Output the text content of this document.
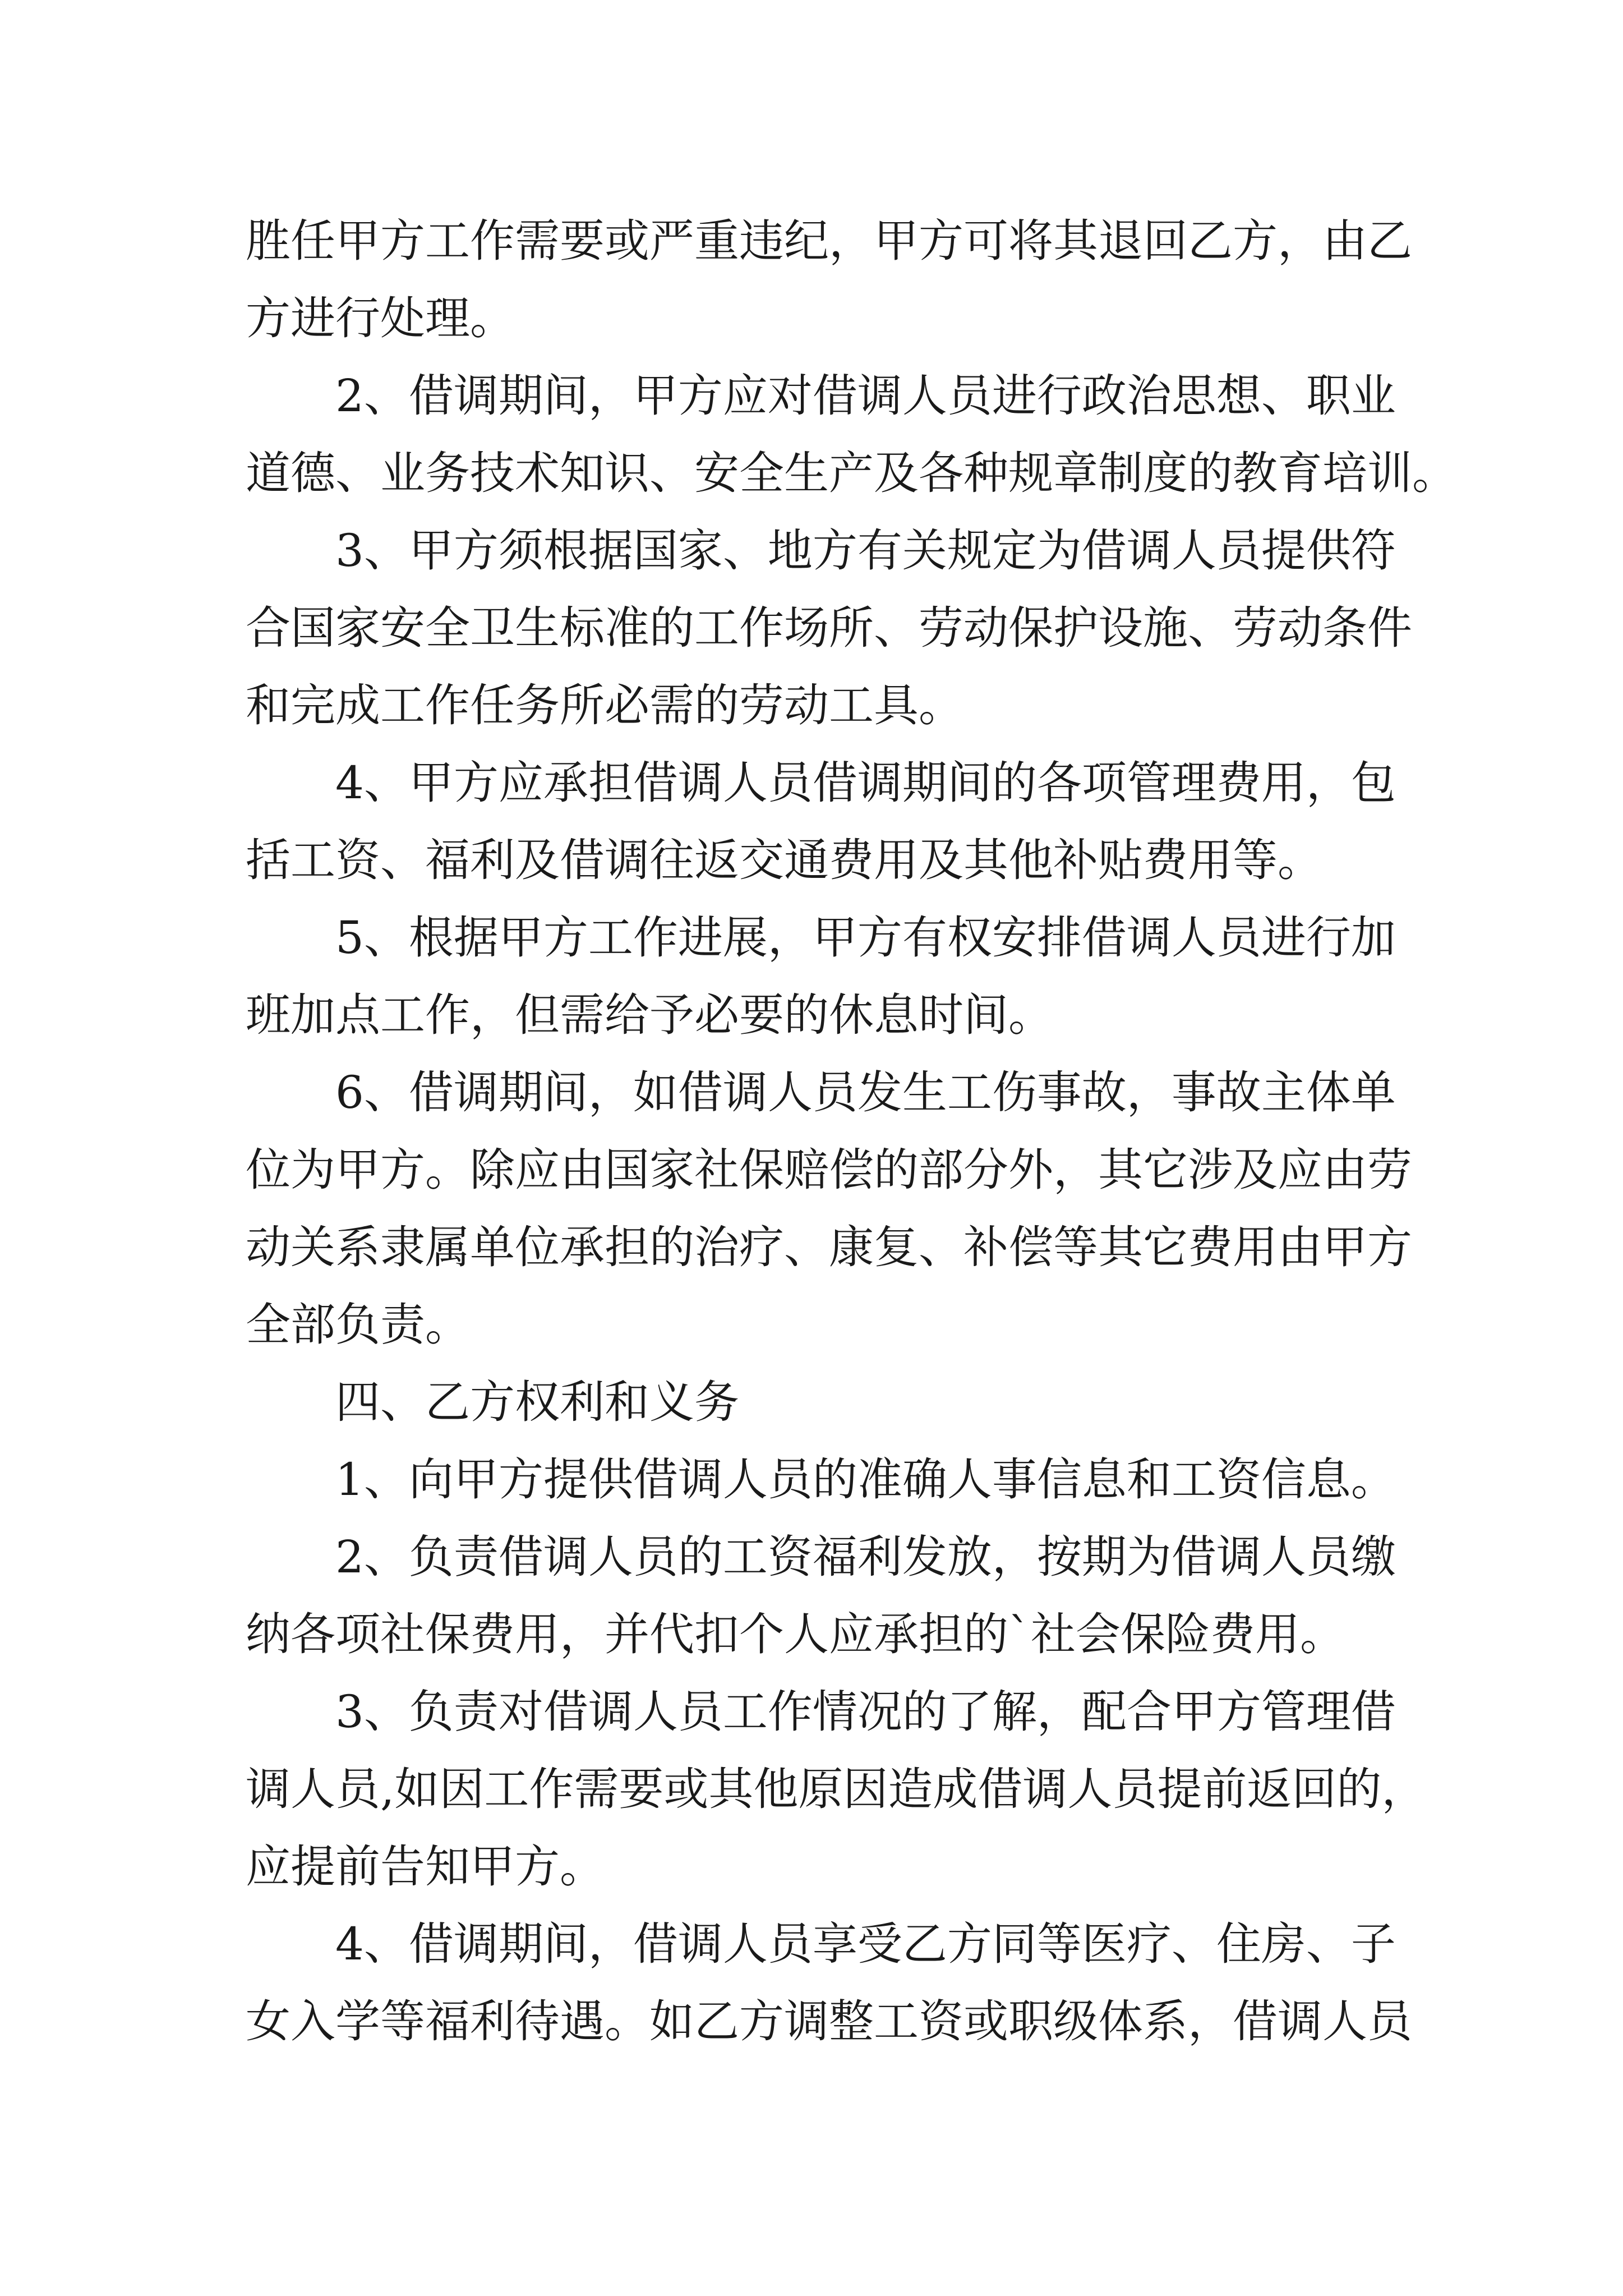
胜任甲方工作需要或严重违纪，甲方可将其退回乙方，由乙
方进行处理。
2、借调期间，甲方应对借调人员进行政治思想、职业
道德、业务技术知识、安全生产及各种规章制度的教育培训。
3、甲方须根据国家、地方有关规定为借调人员提供符
合国家安全卫生标准的工作场所、劳动保护设施、劳动条件
和完成工作任务所必需的劳动工具。
4、甲方应承担借调人员借调期间的各项管理费用，包
括工资、福利及借调往返交通费用及其他补贴费用等。
5、根据甲方工作进展，甲方有权安排借调人员进行加
班加点工作，但需给予必要的休息时间。
6、借调期间，如借调人员发生工伤事故，事故主体单
位为甲方。除应由国家社保赔偿的部分外，其它涉及应由劳
动关系隶属单位承担的治疗、康复、补偿等其它费用由甲方
全部负责。
四、乙方权利和义务
1、向甲方提供借调人员的准确人事信息和工资信息。
2、负责借调人员的工资福利发放，按期为借调人员缴
纳各项社保费用，并代扣个人应承担的`社会保险费用。
3、负责对借调人员工作情况的了解，配合甲方管理借
调人员,如因工作需要或其他原因造成借调人员提前返回的，
应提前告知甲方。
4、借调期间，借调人员享受乙方同等医疗、住房、子
女入学等福利待遇。如乙方调整工资或职级体系，借调人员
